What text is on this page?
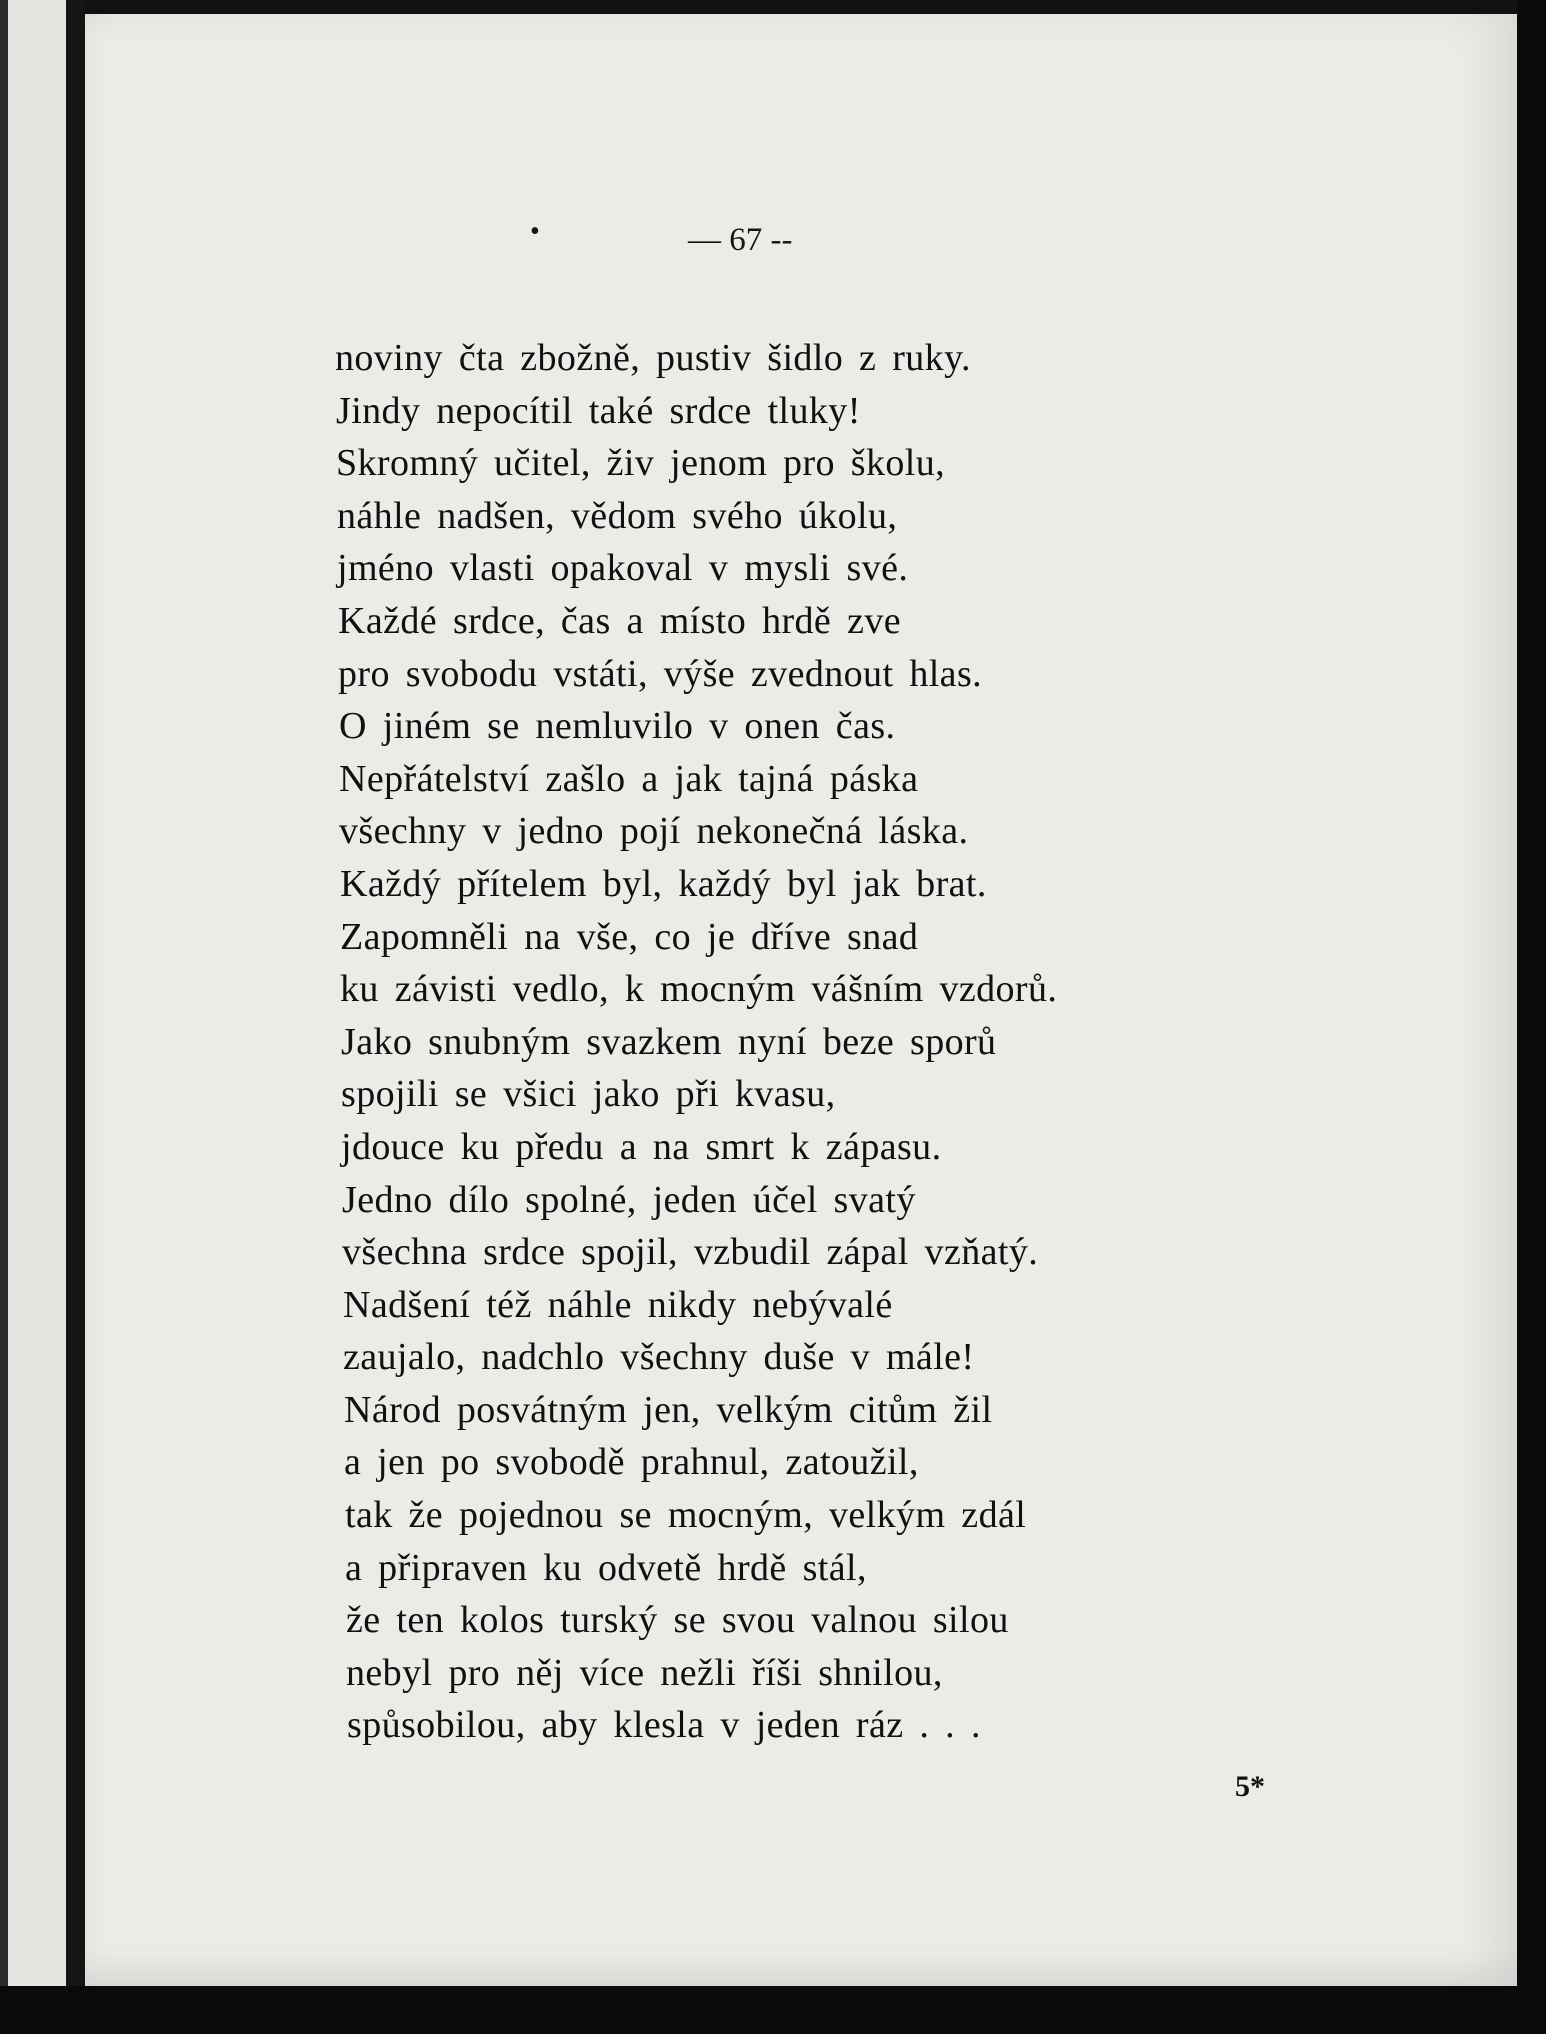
•	— 67 --
noviny čta zbožně, pustiv šidlo z ruky.
Jindy nepocítil také srdce tluky!
Skromný učitel, živ jenom pro školu,
náhle nadšen, vědom svého úkolu,
jméno vlasti opakoval v mysli své.
Každé srdce, čas a místo hrdě zve
pro svobodu vstáti, výše zvednout hlas.
O jiném se nemluvilo v onen čas.
Nepřátelství zašlo a jak tajná páska
všechny v jedno pojí nekonečná láska.
Každý přítelem byl, každý byl jak brat.
Zapomněli na vše, co je dříve snad
ku závisti vedlo, k mocným vášním vzdorů.
Jako snubným svazkem nyní beze sporů
spojili se všici jako při kvasu,
jdouce ku předu a na smrt k zápasu.
Jedno dílo spolné, jeden účel svatý
všechna srdce spojil, vzbudil zápal vzňatý.
Nadšení též náhle nikdy nebývalé
zaujalo, nadchlo všechny duše v mále!
Národ posvátným jen, velkým citům žil
a jen po svobodě prahnul, zatoužil,
tak že pojednou se mocným, velkým zdál
a připraven ku odvetě hrdě stál,
že ten kolos turský se svou valnou silou
nebyl pro něj více nežli říši shnilou,
spůsobilou, aby klesla v jeden ráz . . .
5*
